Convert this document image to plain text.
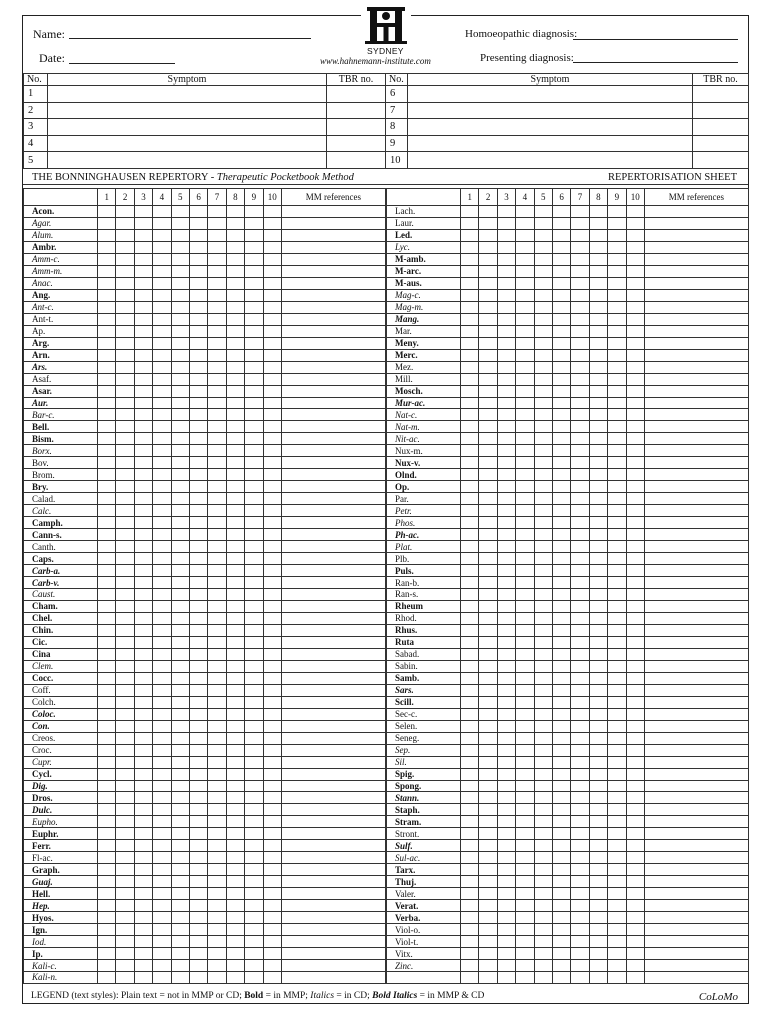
Name:
Date:	SYDNEY
www.hahnemann-institute.com
Homoeopathic diagnosis:
Presenting diagnosis:
No.	Symptom	TBR no.	No.	Symptom	TBR no.
1			6		
2			7		
3			8		
4			9		
5			10		
THE BONNINGHAUSEN REPERTORY - Therapeutic Pocketbook Method	REPERTORISATION SHEET
	1	2	3	4	5	6	7	8	9	10	MM references
Acon.											
Agar.											
Alum.											
Ambr.											
Amm-c.											
Amm-m.											
Anac.											
Ang.											
Ant-c.											
Ant-t.											
Ap.											
Arg.											
Arn.											
Ars.											
Asaf.											
Asar.											
Aur.											
Bar-c.											
Bell.											
Bism.											
Borx.											
Bov.											
Brom.											
Bry.											
Calad.											
Calc.											
Camph.											
Cann-s.											
Canth.											
Caps.											
Carb-a.											
Carb-v.											
Caust.											
Cham.											
Chel.											
Chin.											
Cic.											
Cina											
Clem.											
Cocc.											
Coff.											
Colch.											
Coloc.											
Con.											
Creos.											
Croc.											
Cupr.											
Cycl.											
Dig.											
Dros.											
Dulc.											
Eupho.											
Euphr.											
Ferr.											
Fl-ac.											
Graph.											
Guaj.											
Hell.											
Hep.											
Hyos.											
Ign.											
Iod.											
Ip.											
Kali-c.											
Kali-n.											
	1	2	3	4	5	6	7	8	9	10	MM references
Lach.											
Laur.											
Led.											
Lyc.											
M-amb.											
M-arc.											
M-aus.											
Mag-c.											
Mag-m.											
Mang.											
Mar.											
Meny.											
Merc.											
Mez.											
Mill.											
Mosch.											
Mur-ac.											
Nat-c.											
Nat-m.											
Nit-ac.											
Nux-m.											
Nux-v.											
Olnd.											
Op.											
Par.											
Petr.											
Phos.											
Ph-ac.											
Plat.											
Plb.											
Puls.											
Ran-b.											
Ran-s.											
Rheum											
Rhod.											
Rhus.											
Ruta											
Sabad.											
Sabin.											
Samb.											
Sars.											
Scill.											
Sec-c.											
Selen.											
Seneg.											
Sep.											
Sil.											
Spig.											
Spong.											
Stann.											
Staph.											
Stram.											
Stront.											
Sulf.											
Sul-ac.											
Tarx.											
Thuj.											
Valer.											
Verat.											
Verba.											
Viol-o.											
Viol-t.											
Vitx.											
Zinc.											

LEGEND (text styles): Plain text = not in MMP or CD; Bold = in MMP; Italics = in CD; Bold Italics = in MMP & CD	CoLoMo
